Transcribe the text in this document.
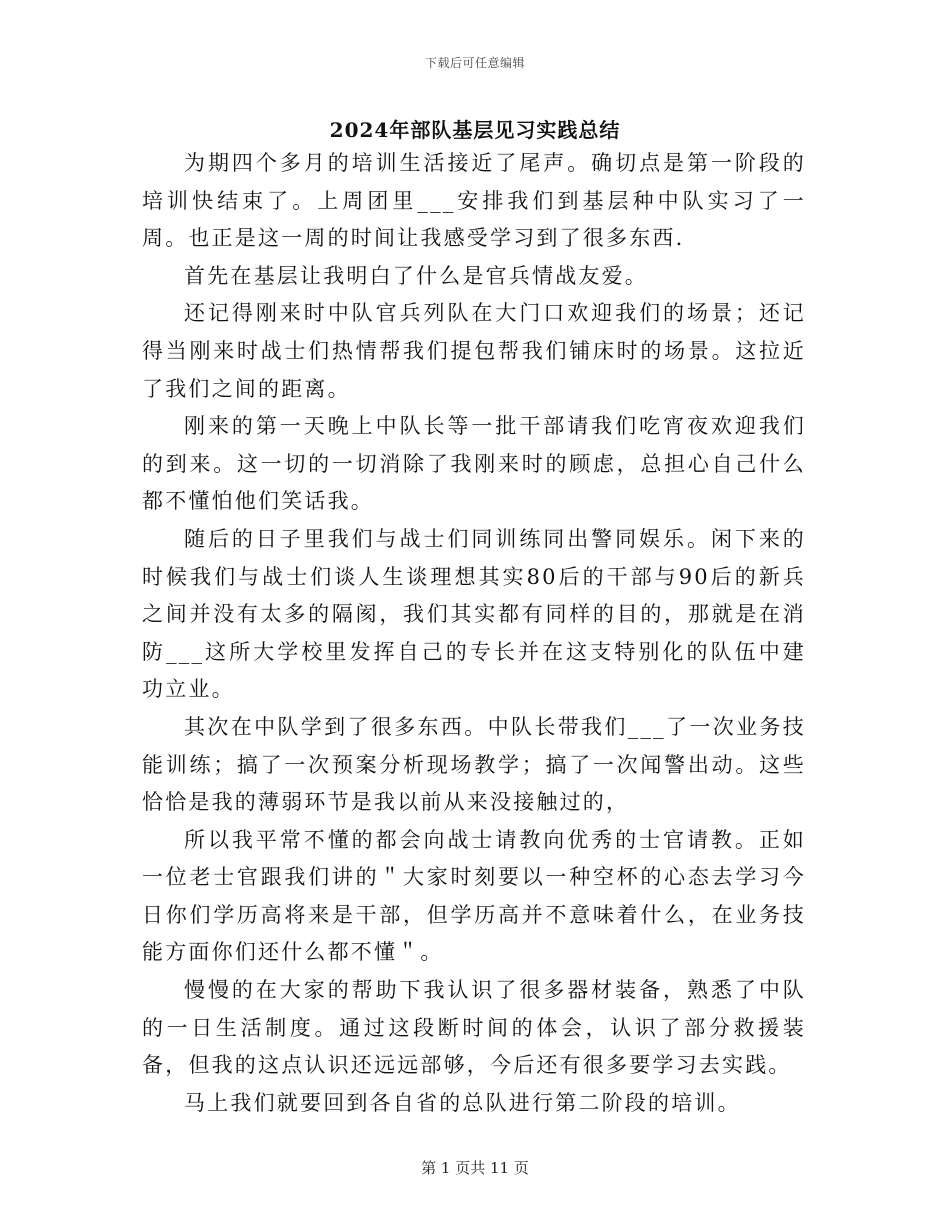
下载后可任意编辑
2024年部队基层见习实践总结

为期四个多月的培训生活接近了尾声。确切点是第一阶段的培训快结束了。上周团里___安排我们到基层种中队实习了一周。也正是这一周的时间让我感受学习到了很多东西.

首先在基层让我明白了什么是官兵情战友爱。

还记得刚来时中队官兵列队在大门口欢迎我们的场景；还记得当刚来时战士们热情帮我们提包帮我们铺床时的场景。这拉近了我们之间的距离。

刚来的第一天晚上中队长等一批干部请我们吃宵夜欢迎我们的到来。这一切的一切消除了我刚来时的顾虑，总担心自己什么都不懂怕他们笑话我。

随后的日子里我们与战士们同训练同出警同娱乐。闲下来的时候我们与战士们谈人生谈理想其实80后的干部与90后的新兵之间并没有太多的隔阂，我们其实都有同样的目的，那就是在消防___这所大学校里发挥自己的专长并在这支特别化的队伍中建功立业。

其次在中队学到了很多东西。中队长带我们___了一次业务技能训练；搞了一次预案分析现场教学；搞了一次闻警出动。这些恰恰是我的薄弱环节是我以前从来没接触过的，

所以我平常不懂的都会向战士请教向优秀的士官请教。正如一位老士官跟我们讲的＂大家时刻要以一种空杯的心态去学习今日你们学历高将来是干部，但学历高并不意味着什么，在业务技能方面你们还什么都不懂＂。

慢慢的在大家的帮助下我认识了很多器材装备，熟悉了中队的一日生活制度。通过这段断时间的体会，认识了部分救援装备，但我的这点认识还远远部够，今后还有很多要学习去实践。

马上我们就要回到各自省的总队进行第二阶段的培训。

第 1 页共 11 页
